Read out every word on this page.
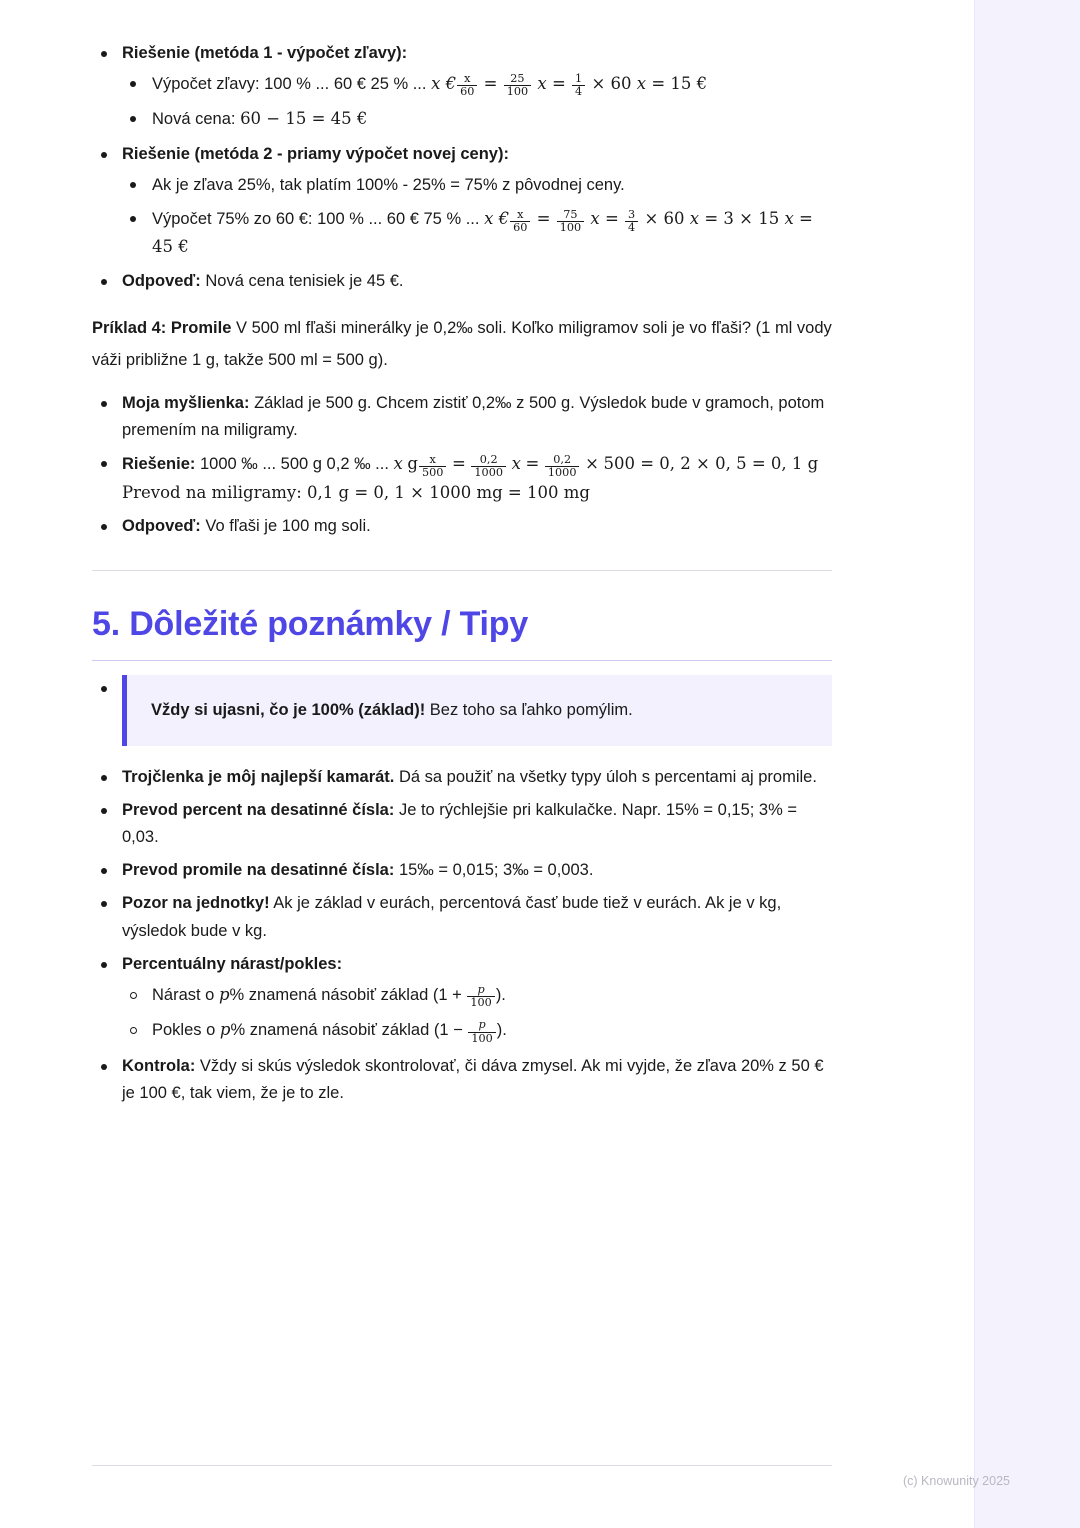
Riešenie (metóda 1 - výpočet zľavy):
Výpočet zľavy: 100 % ... 60 € 25 % ... x € $\frac{x}{60} = \frac{25}{100}$ $x = \frac{1}{4} \times 60$ x = 15 €
Nová cena: 60 − 15 = 45 €
Riešenie (metóda 2 - priamy výpočet novej ceny):
Ak je zľava 25%, tak platím 100% - 25% = 75% z pôvodnej ceny.
Výpočet 75% zo 60 €: 100 % ... 60 € 75 % ... x € $\frac{x}{60} = \frac{75}{100}$ $x = \frac{3}{4} \times 60$ x = 3 × 15 x = 45 €
Odpoveď: Nová cena tenisiek je 45 €.

Príklad 4: Promile V 500 ml fľaši minerálky je 0,2‰ soli. Koľko miligramov soli je vo fľaši? (1 ml vody váži približne 1 g, takže 500 ml = 500 g).

Moja myšlienka: Základ je 500 g. Chcem zistiť 0,2‰ z 500 g. Výsledok bude v gramoch, potom premením na miligramy.
Riešenie: 1000 ‰ ... 500 g 0,2 ‰ ... x g $\frac{x}{500} = \frac{0,2}{1000}$ $x = \frac{0,2}{1000} \times 500 = 0$, 2 × 0, 5 = 0, 1 g Prevod na miligramy: 0,1 g = 0, 1 × 1000 mg = 100 mg
Odpoveď: Vo fľaši je 100 mg soli.
5. Dôležité poznámky / Tipy
Vždy si ujasni, čo je 100% (základ)! Bez toho sa ľahko pomýlim.
Trojčlenka je môj najlepší kamarát. Dá sa použiť na všetky typy úloh s percentami aj promile.
Prevod percent na desatinné čísla: Je to rýchlejšie pri kalkulačke. Napr. 15% = 0,15; 3% = 0,03.
Prevod promile na desatinné čísla: 15‰ = 0,015; 3‰ = 0,003.
Pozor na jednotky! Ak je základ v eurách, percentová časť bude tiež v eurách. Ak je v kg, výsledok bude v kg.
Percentuálny nárast/pokles:
Nárast o p% znamená násobiť základ ($1 + \frac{p}{100}$ ).
Pokles o p% znamená násobiť základ ($1 - \frac{p}{100}$ ).
Kontrola: Vždy si skús výsledok skontrolovať, či dáva zmysel. Ak mi vyjde, že zľava 20% z 50 € je 100 €, tak viem, že je to zle.
(c) Knowunity 2025
